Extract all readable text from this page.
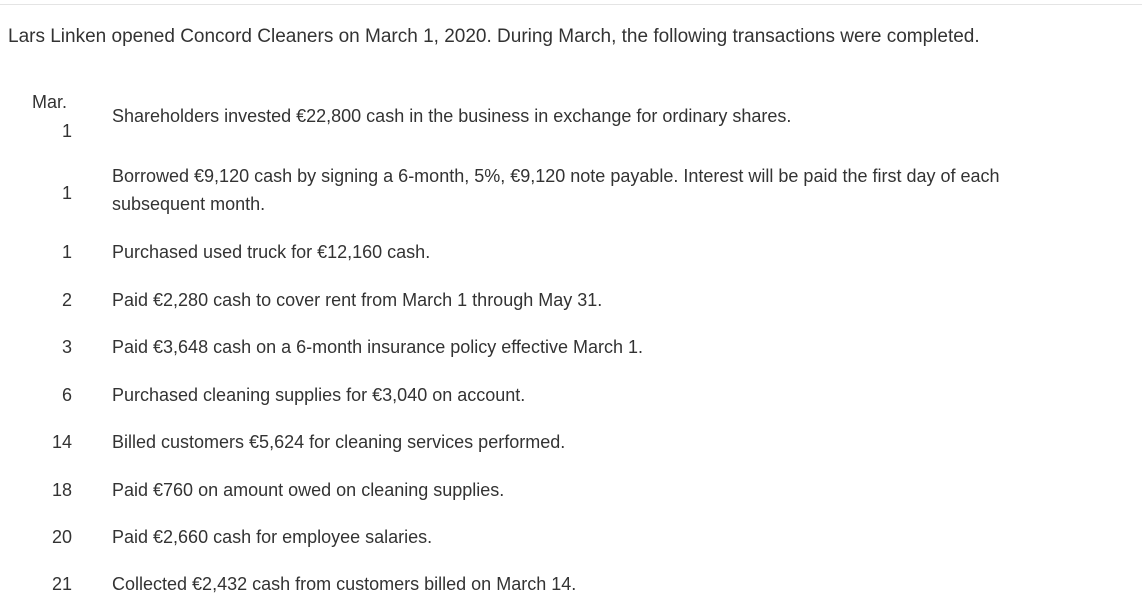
Lars Linken opened Concord Cleaners on March 1, 2020. During March, the following transactions were completed.
Mar.
1
Shareholders invested €22,800 cash in the business in exchange for ordinary shares.
1
Borrowed €9,120 cash by signing a 6-month, 5%, €9,120 note payable. Interest will be paid the first day of each subsequent month.
1 Purchased used truck for €12,160 cash.
2 Paid €2,280 cash to cover rent from March 1 through May 31.
3 Paid €3,648 cash on a 6-month insurance policy effective March 1.
6 Purchased cleaning supplies for €3,040 on account.
14 Billed customers €5,624 for cleaning services performed.
18 Paid €760 on amount owed on cleaning supplies.
20 Paid €2,660 cash for employee salaries.
21 Collected €2,432 cash from customers billed on March 14.
